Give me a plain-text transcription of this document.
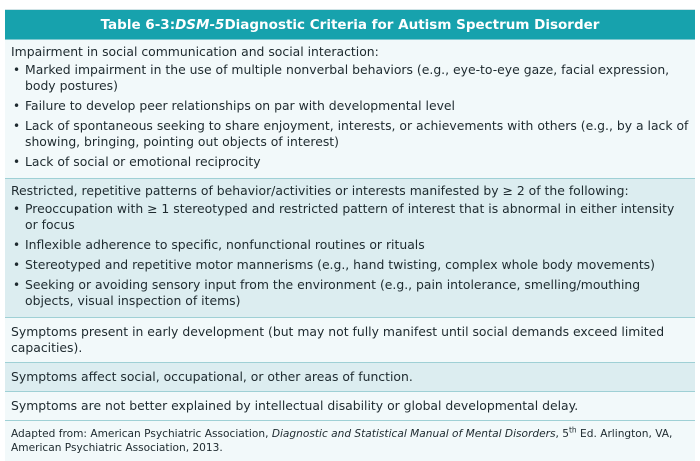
Table 6-3: DSM-5 Diagnostic Criteria for Autism Spectrum Disorder
Impairment in social communication and social interaction:
• Marked impairment in the use of multiple nonverbal behaviors (e.g., eye-to-eye gaze, facial expression, body postures)
• Failure to develop peer relationships on par with developmental level
• Lack of spontaneous seeking to share enjoyment, interests, or achievements with others (e.g., by a lack of showing, bringing, pointing out objects of interest)
• Lack of social or emotional reciprocity
Restricted, repetitive patterns of behavior/activities or interests manifested by ≥ 2 of the following:
• Preoccupation with ≥ 1 stereotyped and restricted pattern of interest that is abnormal in either intensity or focus
• Inflexible adherence to specific, nonfunctional routines or rituals
• Stereotyped and repetitive motor mannerisms (e.g., hand twisting, complex whole body movements)
• Seeking or avoiding sensory input from the environment (e.g., pain intolerance, smelling/mouthing objects, visual inspection of items)
Symptoms present in early development (but may not fully manifest until social demands exceed limited capacities).
Symptoms affect social, occupational, or other areas of function.
Symptoms are not better explained by intellectual disability or global developmental delay.
Adapted from: American Psychiatric Association, Diagnostic and Statistical Manual of Mental Disorders, 5th Ed. Arlington, VA, American Psychiatric Association, 2013.
